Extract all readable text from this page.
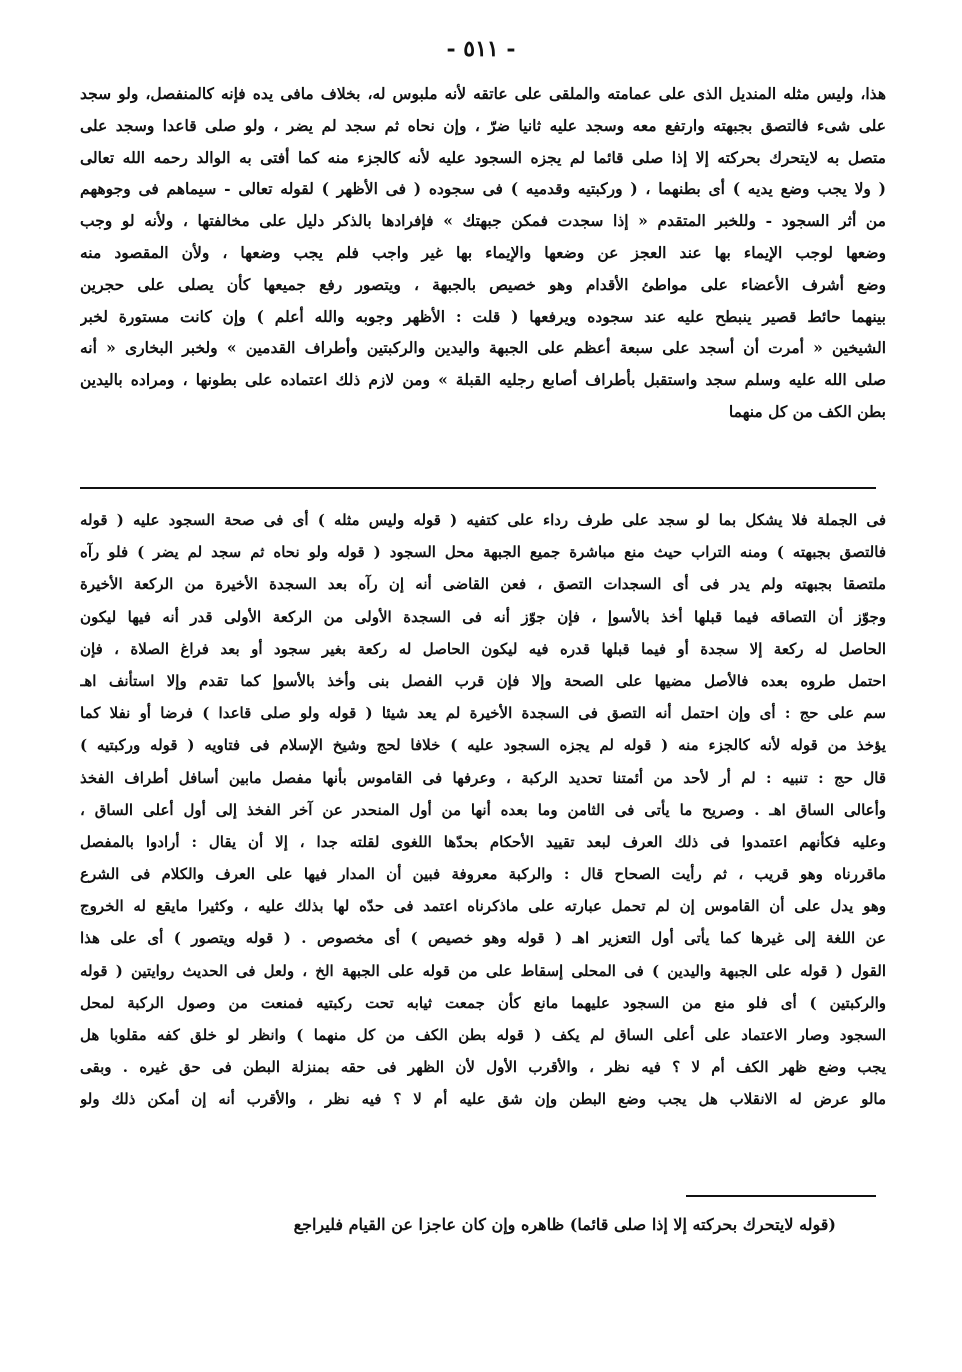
- ٥١١ -
هذا، وليس مثله المنديل الذى على عمامته والملقى على عاتقه لأنه ملبوس له، بخلاف مافى يده فإنه كالمنفصل، ولو سجد
على شىء فالتصق بجبهته وارتفع معه وسجد عليه ثانيا ضرّ ، وإن نحاه ثم سجد لم يضر ، ولو صلى قاعدا وسجد على
متصل به لايتحرك بحركته إلا إذا صلى قائما لم يجزه السجود عليه لأنه كالجزء منه كما أفتى به الوالد رحمه الله تعالى
( ولا يجب وضع يديه ) أى بطنهما ، ( وركبتيه وقدميه ) فى سجوده ( فى الأظهر ) لقوله تعالى - سيماهم فى وجوههم
من أثر السجود - وللخبر المتقدم « إذا سجدت فمكن جبهتك » فإفرادها بالذكر دليل على مخالفتها ، ولأنه لو وجب
وضعها لوجب الإيماء بها عند العجز عن وضعها والإيماء بها غير واجب فلم يجب وضعها ، ولأن المقصود منه
وضع أشرف الأعضاء على مواطئ الأقدام وهو خصيص بالجبهة ، ويتصور رفع جميعها كأن يصلى على حجرين
بينهما حائط قصير ينبطح عليه عند سجوده ويرفعها ( قلت : الأظهر وجوبه والله أعلم ) وإن كانت مستورة لخبر
الشيخين « أمرت أن أسجد على سبعة أعظم على الجبهة واليدين والركبتين وأطراف القدمين » ولخبر البخارى « أنه
صلى الله عليه وسلم سجد واستقبل بأطراف أصابع رجليه القبلة » ومن لازم ذلك اعتماده على بطونها ، ومراده باليدين
بطن الكف من كل منهما
فى الجملة فلا يشكل بما لو سجد على طرف رداء على كتفيه ( قوله وليس مثله ) أى فى صحة السجود عليه ( قوله
فالتصق بجبهته ) ومنه التراب حيث منع مباشرة جميع الجبهة محل السجود ( قوله ولو نحاه ثم سجد لم يضر ) فلو رآه
ملتصقا بجبهته ولم يدر فى أى السجدات التصق ، فعن القاضى أنه إن رآه بعد السجدة الأخيرة من الركعة الأخيرة
وجوّز أن التصاقه فيما قبلها أخذ بالأسوإ ، فإن جوّز أنه فى السجدة الأولى من الركعة الأولى قدر أنه فيها ليكون
الحاصل له ركعة إلا سجدة أو فيما قبلها قدره فيه ليكون الحاصل له ركعة بغير سجود أو بعد فراغ الصلاة ، فإن
احتمل طروه بعده فالأصل مضيها على الصحة وإلا فإن قرب الفصل بنى وأخذ بالأسوإ كما تقدم وإلا استأنف اهـ
سم على حج : أى وإن احتمل أنه التصق فى السجدة الأخيرة لم يعد شيئا ( قوله ولو صلى قاعدا ) فرضا أو نفلا كما
يؤخذ من قوله لأنه كالجزء منه ( قوله لم يجزه السجود عليه ) خلافا لحج وشيخ الإسلام فى فتاويه ( قوله وركبتيه )
قال حج : تنبيه : لم أر لأحد من أئمتنا تحديد الركبة ، وعرفها فى القاموس بأنها مفصل مابين أسافل أطراف الفخذ
وأعالى الساق اهـ . وصريح ما يأتى فى الثامن وما بعده أنها من أول المنحدر عن آخر الفخذ إلى أول أعلى الساق ،
وعليه فكأنهم اعتمدوا فى ذلك العرف لبعد تقييد الأحكام بحدّها اللغوى لقلته جدا ، إلا أن يقال : أرادوا بالمفصل
ماقررناه وهو قريب ، ثم رأيت الصحاح قال : والركبة معروفة فبين أن المدار فيها على العرف والكلام فى الشرع
وهو يدل على أن القاموس إن لم تحمل عبارته على ماذكرناه اعتمد فى حدّه لها بذلك عليه ، وكثيرا مايقع له الخروج
عن اللغة إلى غيرها كما يأتى أول التعزير اهـ ( قوله وهو خصيص ) أى مخصوص . ( قوله ويتصور ) أى على هذا
القول ( قوله على الجبهة واليدين ) فى المحلى إسقاط على من قوله على الجبهة الخ ، ولعل فى الحديث روايتين ( قوله
والركبتين ) أى فلو منع من السجود عليهما مانع كأن جمعت ثيابه تحت ركبتيه فمنعت من وصول الركبة لمحل
السجود وصار الاعتماد على أعلى الساق لم يكف ( قوله بطن الكف من كل منهما ) وانظر لو خلق كفه مقلوبا هل
يجب وضع ظهر الكف أم لا ؟ فيه نظر ، والأقرب الأول لأن الظهر فى حقه بمنزلة البطن فى حق غيره . وبقى
مالو عرض له الانقلاب هل يجب وضع البطن وإن شق عليه أم لا ؟ فيه نظر ، والأقرب أنه إن أمكن ذلك ولو
(قوله لايتحرك بحركته إلا إذا صلى قائما) ظاهره وإن كان عاجزا عن القيام فليراجع
